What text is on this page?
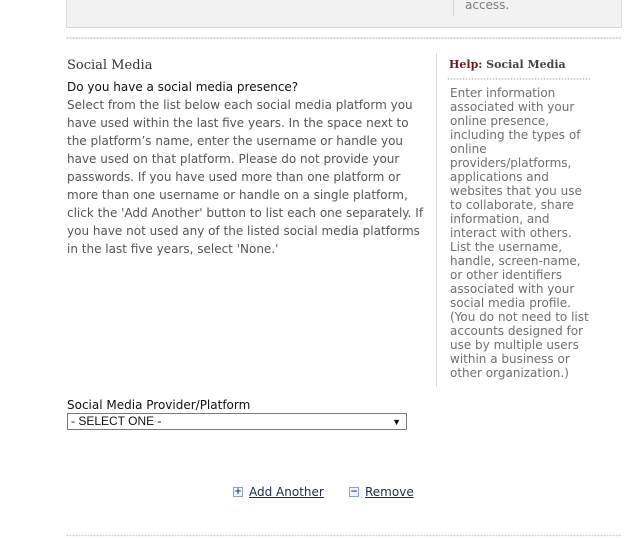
access.
Social Media
Do you have a social media presence?
Select from the list below each social media platform you have used within the last five years. In the space next to the platform’s name, enter the username or handle you have used on that platform. Please do not provide your passwords. If you have used more than one platform or more than one username or handle on a single platform, click the 'Add Another' button to list each one separately. If you have not used any of the listed social media platforms in the last five years, select 'None.'
Help: Social Media
Enter information associated with your online presence, including the types of online providers/platforms, applications and websites that you use to collaborate, share information, and interact with others. List the username, handle, screen-name, or other identifiers associated with your social media profile. (You do not need to list accounts designed for use by multiple users within a business or other organization.)
Social Media Provider/Platform
- SELECT ONE -	▼
+ Add Another	− Remove
